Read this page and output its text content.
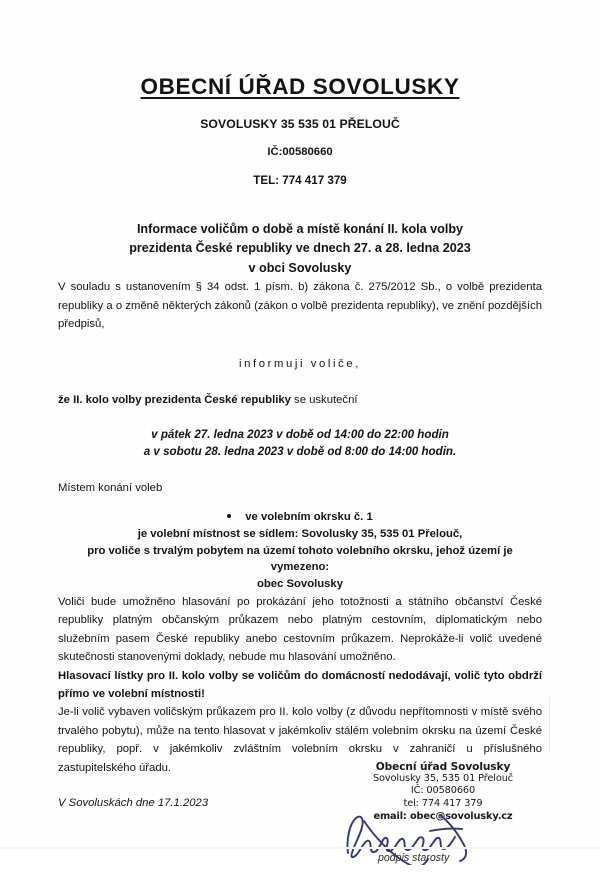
OBECNÍ ÚŘAD SOVOLUSKY
SOVOLUSKY 35 535 01 PŘELOUČ
IČ:00580660
TEL: 774 417 379
Informace voličům o době a místě konání II. kola volby
prezidenta České republiky ve dnech 27. a 28. ledna 2023
v obci Sovolusky

V souladu s ustanovením § 34 odst. 1 písm. b) zákona č. 275/2012 Sb., o volbě prezidenta republiky a o změně některých zákonů (zákon o volbě prezidenta republiky), ve znění pozdějších předpisů,

informuji voliče,
že II. kolo volby prezidenta České republiky se uskuteční
v pátek 27. ledna 2023 v době od 14:00 do 22:00 hodin
a v sobotu 28. ledna 2023 v době od 8:00 do 14:00 hodin.
Místem konání voleb
ve volebním okrsku č. 1
je volební místnost se sídlem: Sovolusky 35, 535 01 Přelouč,
pro voliče s trvalým pobytem na území tohoto volebního okrsku, jehož území je
vymezeno:
obec Sovolusky

Voliči bude umožněno hlasování po prokázání jeho totožnosti a státního občanství České republiky platným občanským průkazem nebo platným cestovním, diplomatickým nebo služebním pasem České republiky anebo cestovním průkazem. Neprokáže-li volič uvedené skutečnosti stanovenými doklady, nebude mu hlasování umožněno.

Hlasovací lístky pro II. kolo volby se voličům do domácností nedodávají, volič tyto obdrží přímo ve volební místnosti!

Je-li volič vybaven voličským průkazem pro II. kolo volby (z důvodu nepřítomnosti v místě svého trvalého pobytu), může na tento hlasovat v jakémkoliv stálém volebním okrsku na území České republiky, popř. v jakémkoliv zvláštním volebním okrsku v zahraničí u příslušného zastupitelského úřadu.

V Sovoluskách dne 17.1.2023
Obecní úřad Sovolusky
Sovolusky 35, 535 01 Přelouč
IČ: 00580660
tel: 774 417 379
email: obec@sovolusky.cz
podpis starosty
